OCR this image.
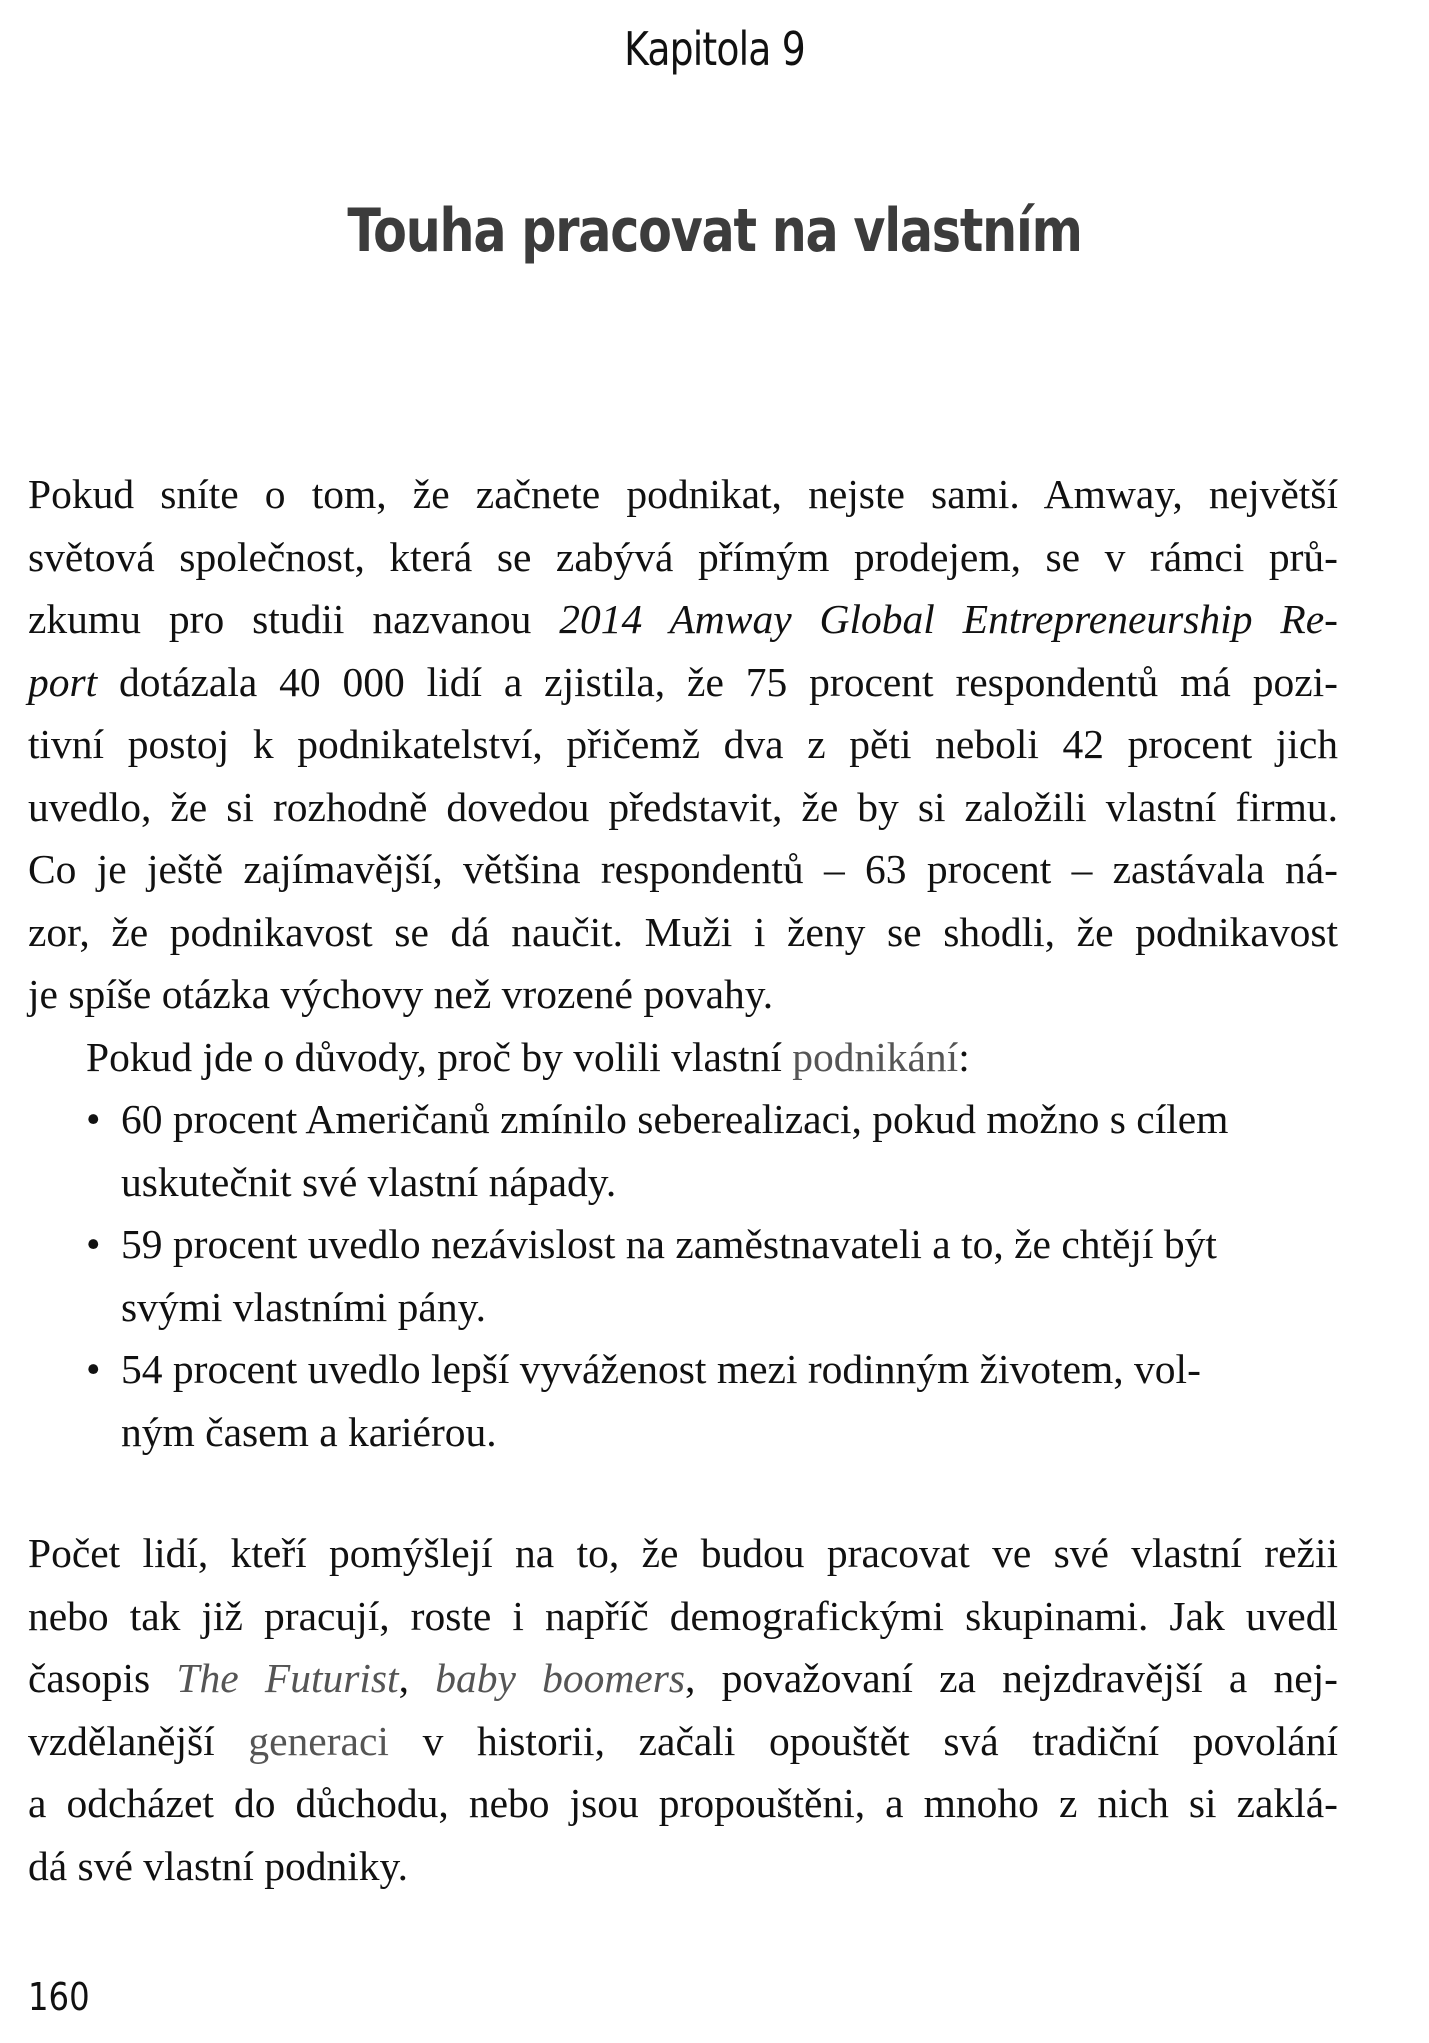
Kapitola 9
Touha pracovat na vlastním
Pokud sníte o tom, že začnete podnikat, nejste sami. Amway, největší
světová společnost, která se zabývá přímým prodejem, se v rámci prů-
zkumu pro studii nazvanou 2014 Amway Global Entrepreneurship Re-
port dotázala 40 000 lidí a zjistila, že 75 procent respondentů má pozi-
tivní postoj k podnikatelství, přičemž dva z pěti neboli 42 procent jich
uvedlo, že si rozhodně dovedou představit, že by si založili vlastní firmu.
Co je ještě zajímavější, většina respondentů – 63 procent – zastávala ná-
zor, že podnikavost se dá naučit. Muži i ženy se shodli, že podnikavost
je spíše otázka výchovy než vrozené povahy.
Pokud jde o důvody, proč by volili vlastní podnikání:
• 60 procent Američanů zmínilo seberealizaci, pokud možno s cílem
uskutečnit své vlastní nápady.
• 59 procent uvedlo nezávislost na zaměstnavateli a to, že chtějí být
svými vlastními pány.
• 54 procent uvedlo lepší vyváženost mezi rodinným životem, vol-
ným časem a kariérou.
Počet lidí, kteří pomýšlejí na to, že budou pracovat ve své vlastní režii
nebo tak již pracují, roste i napříč demografickými skupinami. Jak uvedl
časopis The Futurist, baby boomers, považovaní za nejzdravější a nej-
vzdělanější generaci v historii, začali opouštět svá tradiční povolání
a odcházet do důchodu, nebo jsou propouštěni, a mnoho z nich si zaklá-
dá své vlastní podniky.
160
